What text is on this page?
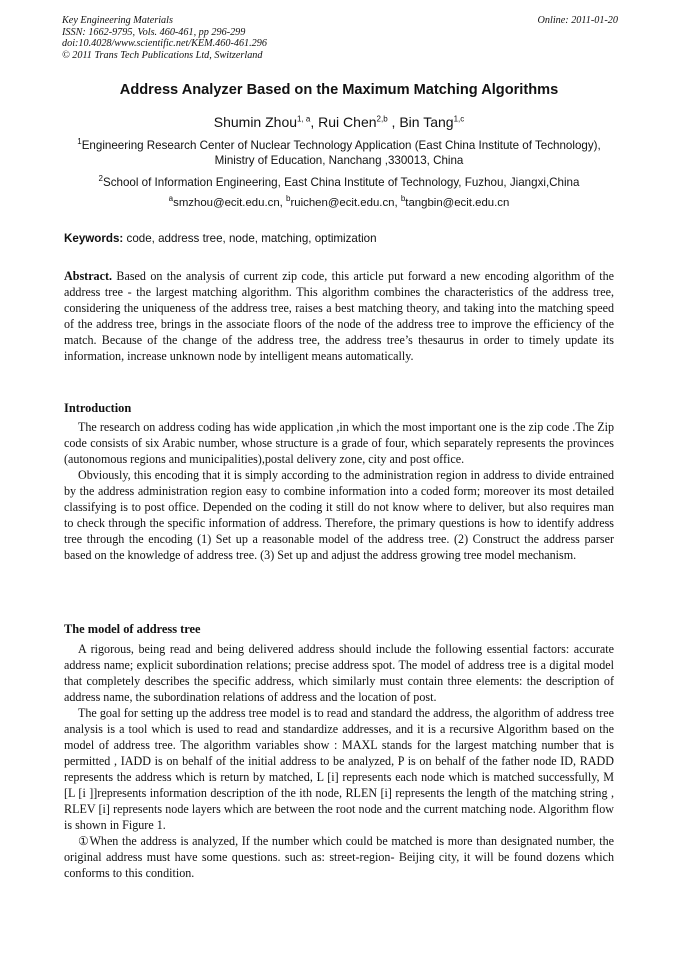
Key Engineering Materials
ISSN: 1662-9795, Vols. 460-461, pp 296-299
doi:10.4028/www.scientific.net/KEM.460-461.296
© 2011 Trans Tech Publications Ltd, Switzerland
Online: 2011-01-20
Address Analyzer Based on the Maximum Matching Algorithms
Shumin Zhou$^{1, a}$, Rui Chen$^{2,b}$ , Bin Tang$^{1,c}$
$^1$Engineering Research Center of Nuclear Technology Application (East China Institute of Technology), Ministry of Education, Nanchang ,330013, China
$^2$School of Information Engineering, East China Institute of Technology, Fuzhou, Jiangxi,China
$^a$smzhou@ecit.edu.cn, $^b$ruichen@ecit.edu.cn, $^b$tangbin@ecit.edu.cn
Keywords: code, address tree, node, matching, optimization

Abstract. Based on the analysis of current zip code, this article put forward a new encoding algorithm of the address tree - the largest matching algorithm. This algorithm combines the characteristics of the address tree, considering the uniqueness of the address tree, raises a best matching theory, and taking into the matching speed of the address tree, brings in the associate floors of the node of the address tree to improve the efficiency of the match. Because of the change of the address tree, the address tree’s thesaurus in order to timely update its information, increase unknown node by intelligent means automatically.

Introduction

The research on address coding has wide application ,in which the most important one is the zip code .The Zip code consists of six Arabic number, whose structure is a grade of four, which separately represents the provinces (autonomous regions and municipalities),postal delivery zone, city and post office.

Obviously, this encoding that it is simply according to the administration region in address to divide entrained by the address administration region easy to combine information into a coded form; moreover its most detailed classifying is to post office. Depended on the coding it still do not know where to deliver, but also requires man to check through the specific information of address. Therefore, the primary questions is how to identify address tree through the encoding (1) Set up a reasonable model of the address tree. (2) Construct the address parser based on the knowledge of address tree. (3) Set up and adjust the address growing tree model mechanism.

The model of address tree

A rigorous, being read and being delivered address should include the following essential factors: accurate address name; explicit subordination relations; precise address spot. The model of address tree is a digital model that completely describes the specific address, which similarly must contain three elements: the description of address name, the subordination relations of address and the location of post.

The goal for setting up the address tree model is to read and standard the address, the algorithm of address tree analysis is a tool which is used to read and standardize addresses, and it is a recursive Algorithm based on the model of address tree. The algorithm variables show : MAXL stands for the largest matching number that is permitted , IADD is on behalf of the initial address to be analyzed, P is on behalf of the father node ID, RADD represents the address which is return by matched, L [i] represents each node which is matched successfully, M [L [i ]]represents information description of the ith node, RLEN [i] represents the length of the matching string , RLEV [i] represents node layers which are between the root node and the current matching node. Algorithm flow is shown in Figure 1.

①When the address is analyzed, If the number which could be matched is more than designated number, the original address must have some questions. such as: street-region- Beijing city, it will be found dozens which conforms to this condition.
